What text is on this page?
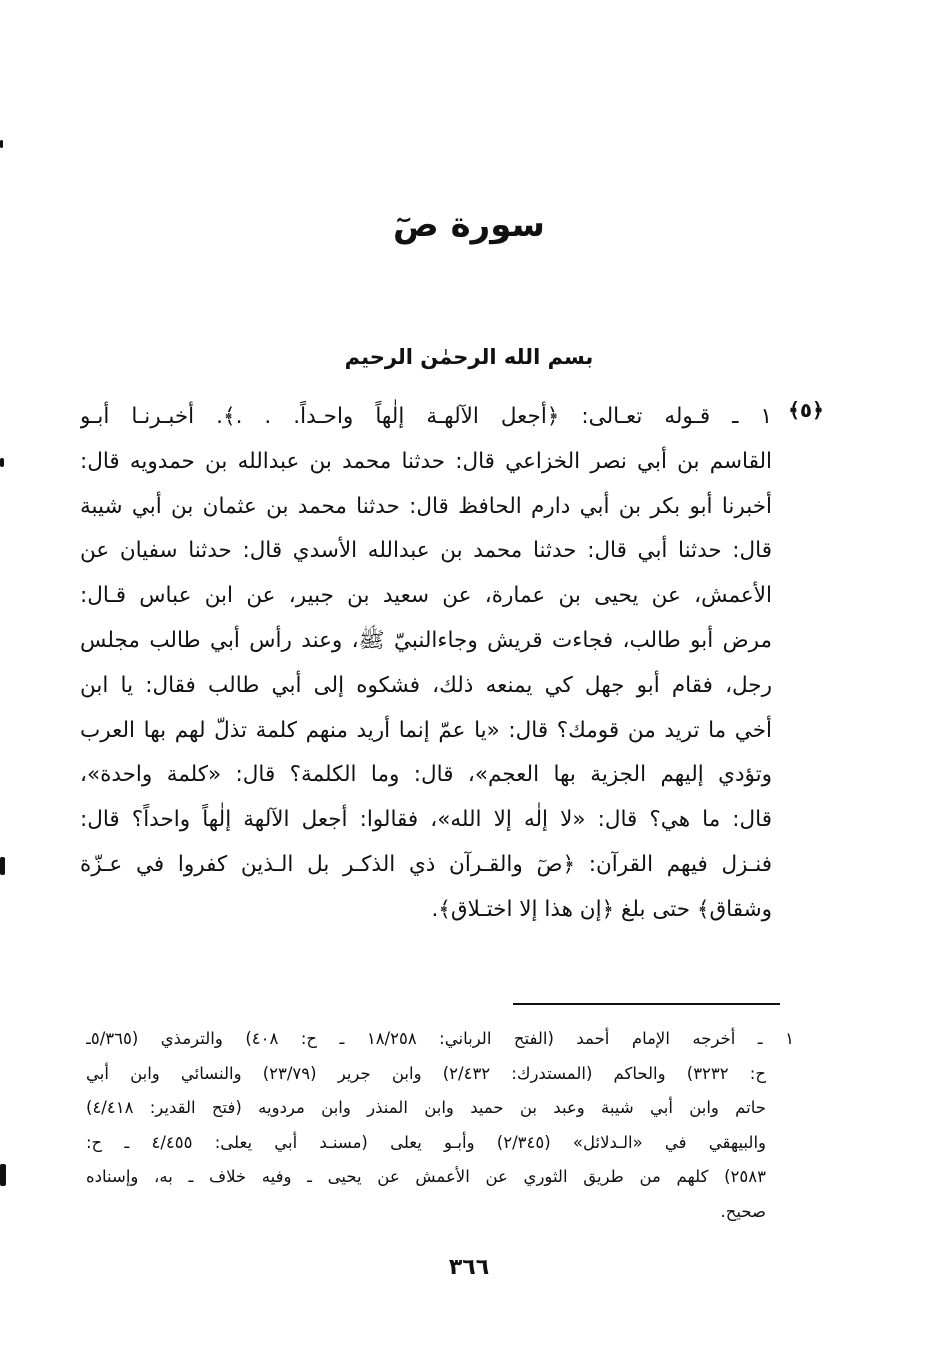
سورة صٓ
بسم الله الرحمٰن الرحيم
﴿٥﴾
١ ـ قـوله تعـالى: ﴿أجعل الآلهـة إلٰهاً واحـداً. . .﴾. أخبـرنـا أبـو
القاسم بن أبي نصر الخزاعي قال: حدثنا محمد بن عبدالله بن حمدويه قال:
أخبرنا أبو بكر بن أبي دارم الحافظ قال: حدثنا محمد بن عثمان بن أبي شيبة
قال: حدثنا أبي قال: حدثنا محمد بن عبدالله الأسدي قال: حدثنا سفيان عن
الأعمش، عن يحيى بن عمارة، عن سعيد بن جبير، عن ابن عباس قـال:
مرض أبو طالب، فجاءت قريش وجاءالنبيّ ﷺ، وعند رأس أبي طالب مجلس
رجل، فقام أبو جهل كي يمنعه ذلك، فشكوه إلى أبي طالب فقال: يا ابن
أخي ما تريد من قومك؟ قال: «يا عمّ إنما أريد منهم كلمة تذلّ لهم بها العرب
وتؤدي إليهم الجزية بها العجم»، قال: وما الكلمة؟ قال: «كلمة واحدة»،
قال: ما هي؟ قال: «لا إلٰه إلا الله»، فقالوا: أجعل الآلهة إلٰهاً واحداً؟ قال:
فنـزل فيهم القرآن: ﴿صٓ والقـرآن ذي الذكـر بل الـذين كفروا في عـزّة
وشقاق﴾ حتى بلغ ﴿إن هذا إلا اختـلاق﴾.
١ ـ أخرجه الإمام أحمد (الفتح الرباني: ١٨/٢٥٨ ـ ح: ٤٠٨) والترمذي (٥/٣٦٥ـ
ح: ٣٢٣٢) والحاكم (المستدرك: ٢/٤٣٢) وابن جرير (٢٣/٧٩) والنسائي وابن أبي
حاتم وابن أبي شيبة وعبد بن حميد وابن المنذر وابن مردويه (فتح القدير: ٤/٤١٨)
والبيهقي في «الـدلائل» (٢/٣٤٥) وأبـو يعلى (مسنـد أبي يعلى: ٤/٤٥٥ ـ ح:
٢٥٨٣) كلهم من طريق الثوري عن الأعمش عن يحيى ـ وفيه خلاف ـ به، وإسناده
صحيح.
٣٦٦
